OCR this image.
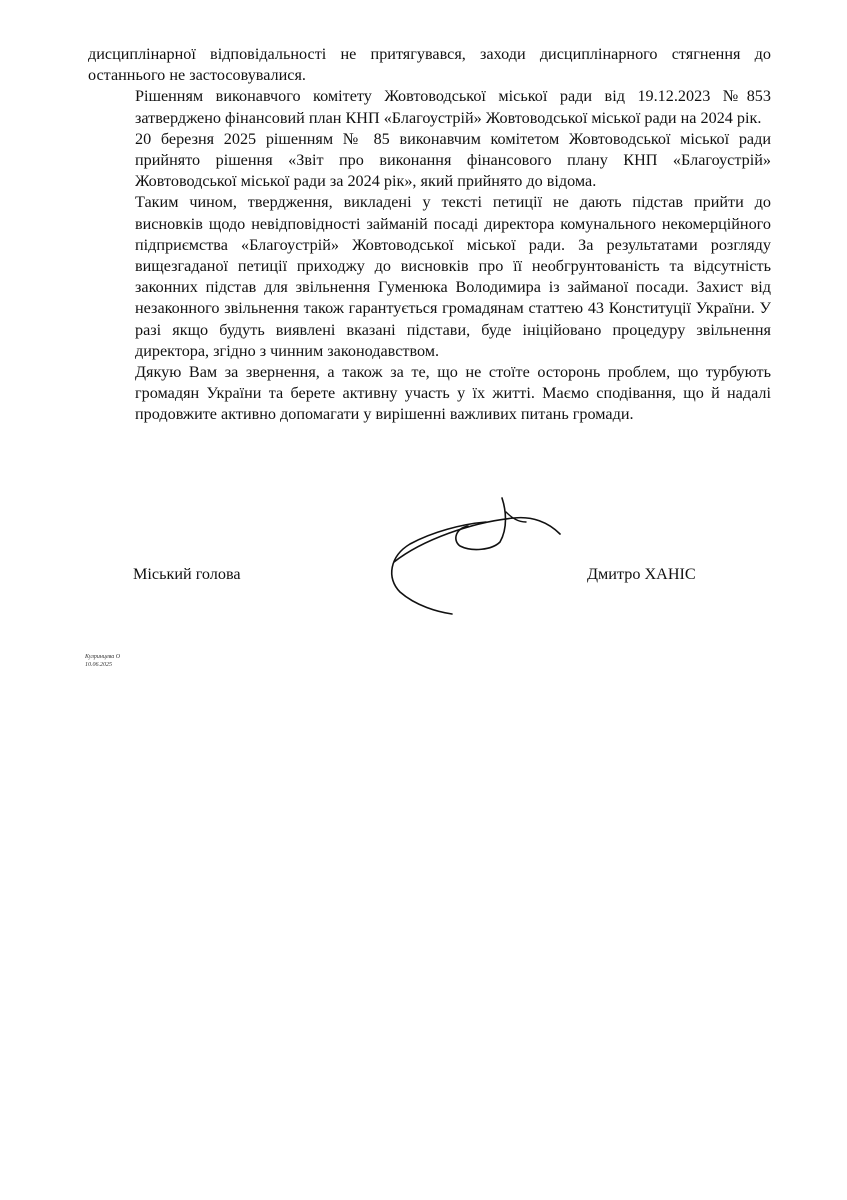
дисциплінарної відповідальності не притягувався, заходи дисциплінарного стягнення до
останнього не застосовувалися.

Рішенням виконавчого комітету Жовтоводської міської ради від 19.12.2023 №853
затверджено фінансовий план КНП «Благоустрій» Жовтоводської міської ради на 2024 рік.

20 березня 2025 рішенням № 85 виконавчим комітетом Жовтоводської міської ради
прийнято рішення «Звіт про виконання фінансового плану КНП «Благоустрій»
Жовтоводської міської ради за 2024 рік», який прийнято до відома.

Таким чином, твердження, викладені у тексті петиції не дають підстав прийти до
висновків щодо невідповідності займаній посаді директора комунального некомерційного
підприємства «Благоустрій» Жовтоводської міської ради. За результатами розгляду
вищезгаданої петиції приходжу до висновків про її необгрунтованість та відсутність
законних підстав для звільнення Гуменюка Володимира із займаної посади. Захист від
незаконного звільнення також гарантується громадянам статтею 43 Конституції України. У
разі якщо будуть виявлені вказані підстави, буде ініційовано процедуру звільнення
директора, згідно з чинним законодавством.

Дякую Вам за звернення, а також за те, що не стоїте осторонь проблем, що турбують
громадян України та берете активну участь у їх житті. Маємо сподівання, що й надалі
продовжите активно допомагати у вирішенні важливих питань громади.

Міський голова	Дмитро ХАНІС
Кулринцева О
10.06.2025
